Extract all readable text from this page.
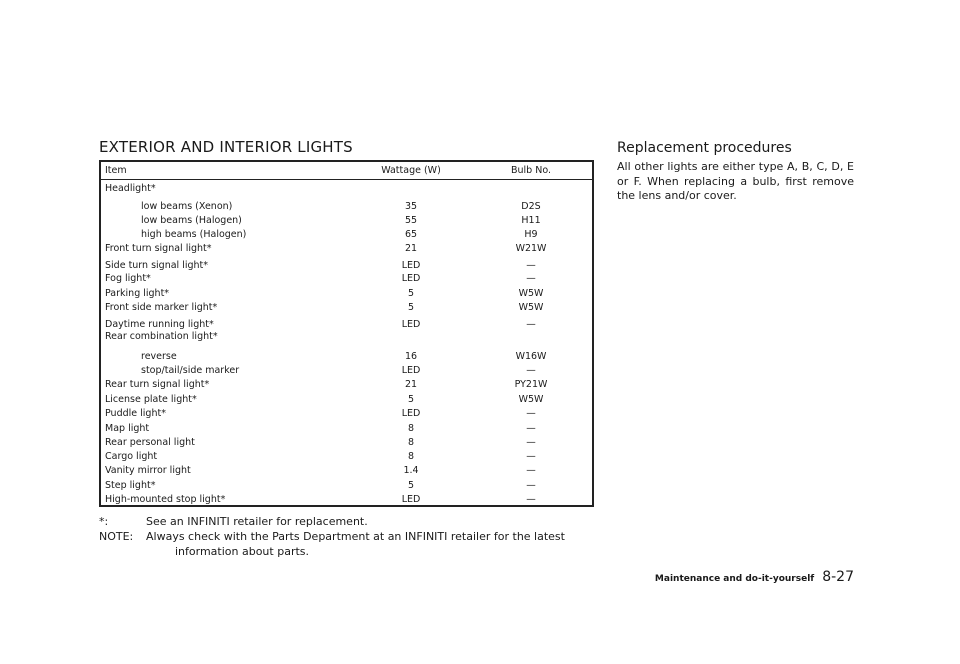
EXTERIOR AND INTERIOR LIGHTS
Item	Wattage (W)	Bulb No.
Headlight*
low beams (Xenon)	35	D2S
low beams (Halogen)	55	H11
high beams (Halogen)	65	H9
Front turn signal light*	21	W21W
Side turn signal light*	LED	—
Fog light*	LED	—
Parking light*	5	W5W
Front side marker light*	5	W5W
Daytime running light*	LED	—
Rear combination light*
reverse	16	W16W
stop/tail/side marker	LED	—
Rear turn signal light*	21	PY21W
License plate light*	5	W5W
Puddle light*	LED	—
Map light	8	—
Rear personal light	8	—
Cargo light	8	—
Vanity mirror light	1.4	—
Step light*	5	—
High-mounted stop light*	LED	—
*:	See an INFINITI retailer for replacement.
NOTE: Always check with the Parts Department at an INFINITI retailer for the latest
information about parts.
Replacement procedures

All other lights are either type A, B, C, D, E or F. When replacing a bulb, first remove the lens and/or cover.

Maintenance and do-it-yourself 8-27
